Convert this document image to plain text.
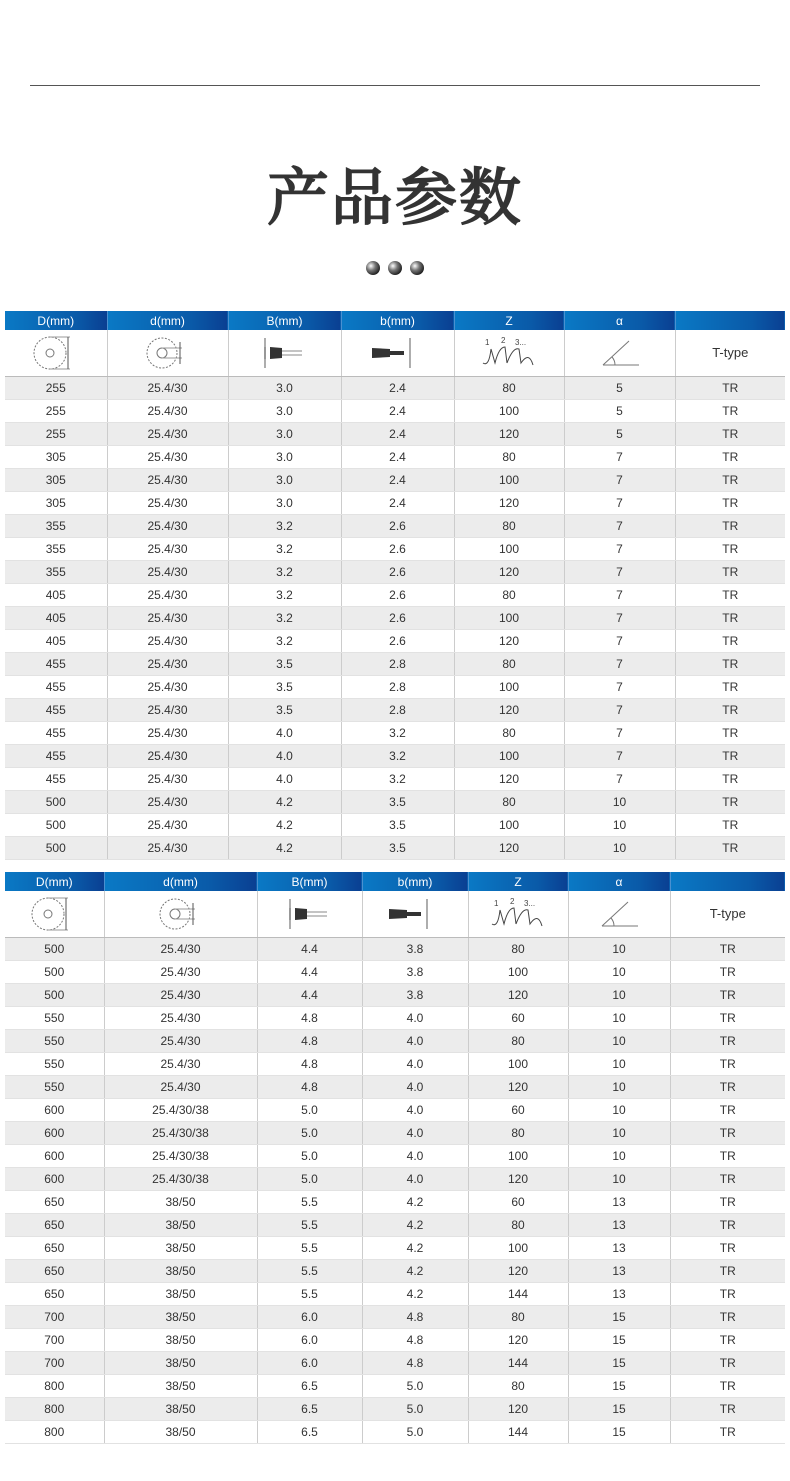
产品参数
D(mm)	d(mm)	B(mm)	b(mm)	Z	α	

1 2 3...		T-type
255	25.4/30	3.0	2.4	80	5	TR
255	25.4/30	3.0	2.4	100	5	TR
255	25.4/30	3.0	2.4	120	5	TR
305	25.4/30	3.0	2.4	80	7	TR
305	25.4/30	3.0	2.4	100	7	TR
305	25.4/30	3.0	2.4	120	7	TR
355	25.4/30	3.2	2.6	80	7	TR
355	25.4/30	3.2	2.6	100	7	TR
355	25.4/30	3.2	2.6	120	7	TR
405	25.4/30	3.2	2.6	80	7	TR
405	25.4/30	3.2	2.6	100	7	TR
405	25.4/30	3.2	2.6	120	7	TR
455	25.4/30	3.5	2.8	80	7	TR
455	25.4/30	3.5	2.8	100	7	TR
455	25.4/30	3.5	2.8	120	7	TR
455	25.4/30	4.0	3.2	80	7	TR
455	25.4/30	4.0	3.2	100	7	TR
455	25.4/30	4.0	3.2	120	7	TR
500	25.4/30	4.2	3.5	80	10	TR
500	25.4/30	4.2	3.5	100	10	TR
500	25.4/30	4.2	3.5	120	10	TR
D(mm)	d(mm)	B(mm)	b(mm)	Z	α	

1 2 3...		T-type
500	25.4/30	4.4	3.8	80	10	TR
500	25.4/30	4.4	3.8	100	10	TR
500	25.4/30	4.4	3.8	120	10	TR
550	25.4/30	4.8	4.0	60	10	TR
550	25.4/30	4.8	4.0	80	10	TR
550	25.4/30	4.8	4.0	100	10	TR
550	25.4/30	4.8	4.0	120	10	TR
600	25.4/30/38	5.0	4.0	60	10	TR
600	25.4/30/38	5.0	4.0	80	10	TR
600	25.4/30/38	5.0	4.0	100	10	TR
600	25.4/30/38	5.0	4.0	120	10	TR
650	38/50	5.5	4.2	60	13	TR
650	38/50	5.5	4.2	80	13	TR
650	38/50	5.5	4.2	100	13	TR
650	38/50	5.5	4.2	120	13	TR
650	38/50	5.5	4.2	144	13	TR
700	38/50	6.0	4.8	80	15	TR
700	38/50	6.0	4.8	120	15	TR
700	38/50	6.0	4.8	144	15	TR
800	38/50	6.5	5.0	80	15	TR
800	38/50	6.5	5.0	120	15	TR
800	38/50	6.5	5.0	144	15	TR
